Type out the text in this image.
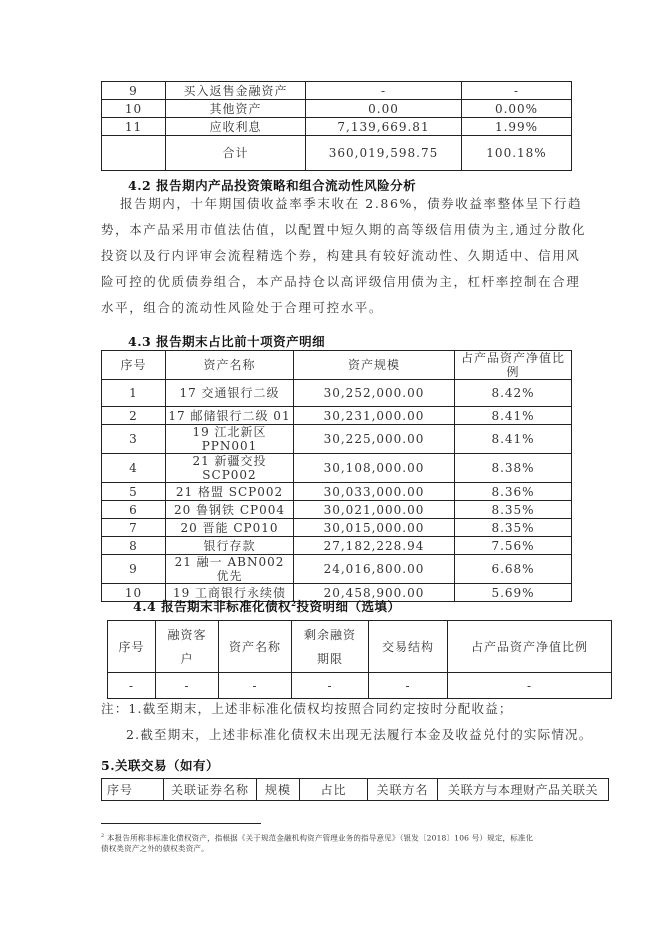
9	买入返售金融资产	-	-
10	其他资产	0.00	0.00%
11	应收利息	7,139,669.81	1.99%
	合计	360,019,598.75	100.18%
4.2 报告期内产品投资策略和组合流动性风险分析
报告期内，十年期国债收益率季末收在 2.86%，债券收益率整体呈下行趋
势，本产品采用市值法估值，以配置中短久期的高等级信用债为主,通过分散化
投资以及行内评审会流程精选个券，构建具有较好流动性、久期适中、信用风
险可控的优质债券组合，本产品持仓以高评级信用债为主，杠杆率控制在合理
水平，组合的流动性风险处于合理可控水平。
4.3 报告期末占比前十项资产明细
序号	资产名称	资产规模	占产品资产净值比例
1	17 交通银行二级	30,252,000.00	8.42%
2	17 邮储银行二级 01	30,231,000.00	8.41%
3	19 江北新区 PPN001	30,225,000.00	8.41%
4	21 新疆交投 SCP002	30,108,000.00	8.38%
5	21 格盟 SCP002	30,033,000.00	8.36%
6	20 鲁钢铁 CP004	30,021,000.00	8.35%
7	20 晋能 CP010	30,015,000.00	8.35%
8	银行存款	27,182,228.94	7.56%
9	21 融一 ABN002 优先	24,016,800.00	6.68%
10	19 工商银行永续债	20,458,900.00	5.69%
4.4 报告期末非标准化债权$^2$投资明细（选填）
序号	融资客户	资产名称	剩余融资期限	交易结构	占产品资产净值比例
-	-	-	-	-	-
注：1.截至期末，上述非标准化债权均按照合同约定按时分配收益；
2.截至期末，上述非标准化债权未出现无法履行本金及收益兑付的实际情况。
5.关联交易（如有）
序号	关联证券名称	规模	占比	关联方名	关联方与本理财产品关联关
$^2$ 本报告所称非标准化债权资产，指根据《关于规范金融机构资产管理业务的指导意见》（银发〔2018〕106 号）规定，标准化
债权类资产之外的债权类资产。
